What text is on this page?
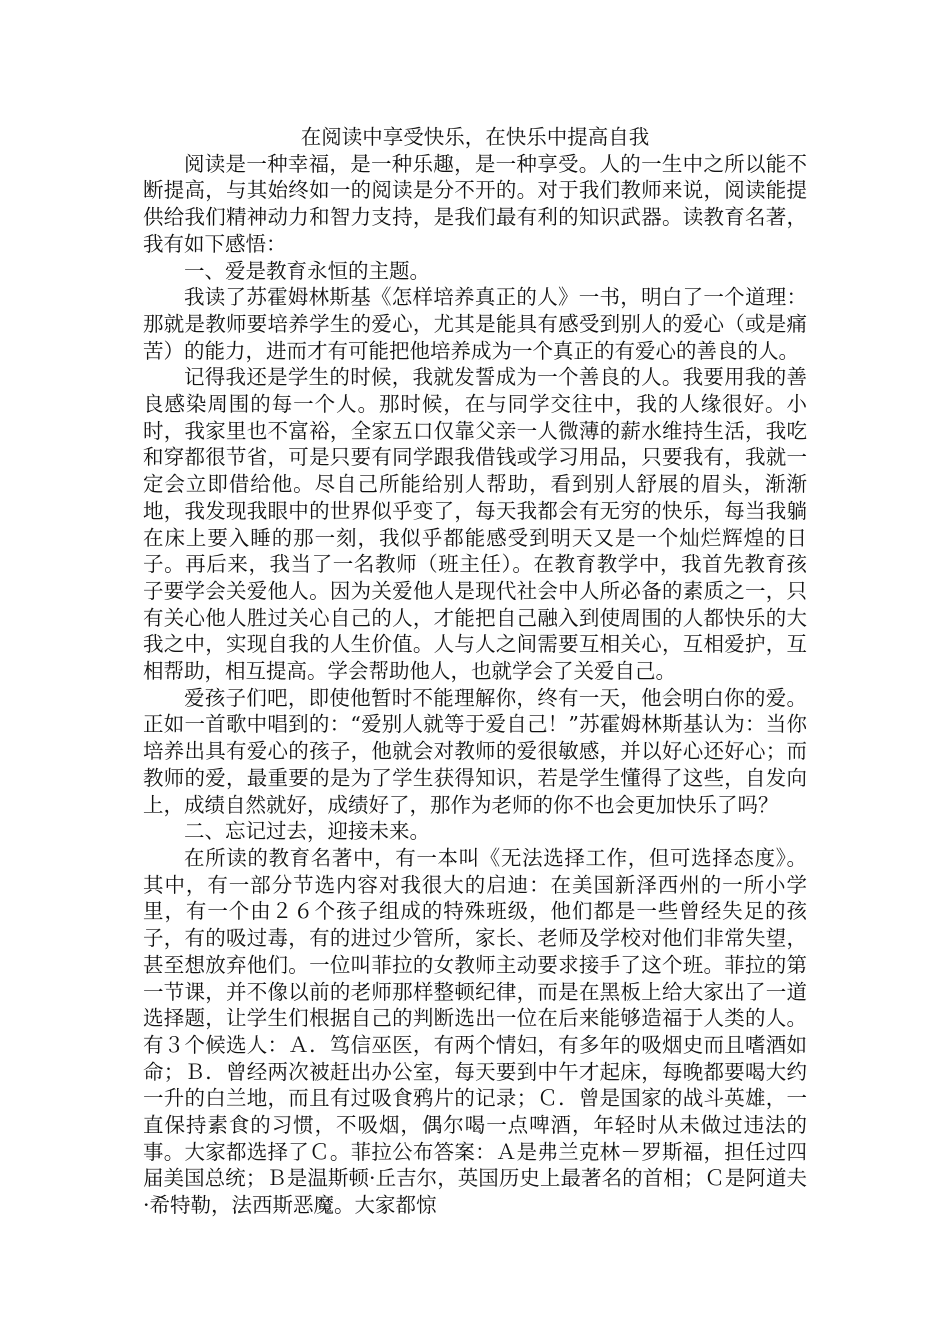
在阅读中享受快乐，在快乐中提高自我

阅读是一种幸福，是一种乐趣，是一种享受。人的一生中之所以能不断提高，与其始终如一的阅读是分不开的。对于我们教师来说，阅读能提供给我们精神动力和智力支持，是我们最有利的知识武器。读教育名著，我有如下感悟：

一、爱是教育永恒的主题。

我读了苏霍姆林斯基《怎样培养真正的人》一书，明白了一个道理：那就是教师要培养学生的爱心，尤其是能具有感受到别人的爱心（或是痛苦）的能力，进而才有可能把他培养成为一个真正的有爱心的善良的人。

记得我还是学生的时候，我就发誓成为一个善良的人。我要用我的善良感染周围的每一个人。那时候，在与同学交往中，我的人缘很好。小时，我家里也不富裕，全家五口仅靠父亲一人微薄的薪水维持生活，我吃和穿都很节省，可是只要有同学跟我借钱或学习用品，只要我有，我就一定会立即借给他。尽自己所能给别人帮助，看到别人舒展的眉头，渐渐地，我发现我眼中的世界似乎变了，每天我都会有无穷的快乐，每当我躺在床上要入睡的那一刻，我似乎都能感受到明天又是一个灿烂辉煌的日子。再后来，我当了一名教师（班主任）。在教育教学中，我首先教育孩子要学会关爱他人。因为关爱他人是现代社会中人所必备的素质之一，只有关心他人胜过关心自己的人，才能把自己融入到使周围的人都快乐的大我之中，实现自我的人生价值。人与人之间需要互相关心，互相爱护，互相帮助，相互提高。学会帮助他人，也就学会了关爱自己。

爱孩子们吧，即使他暂时不能理解你，终有一天，他会明白你的爱。正如一首歌中唱到的：“爱别人就等于爱自己！”苏霍姆林斯基认为：当你培养出具有爱心的孩子，他就会对教师的爱很敏感，并以好心还好心；而教师的爱，最重要的是为了学生获得知识，若是学生懂得了这些，自发向上，成绩自然就好，成绩好了，那作为老师的你不也会更加快乐了吗？

二、忘记过去，迎接未来。

在所读的教育名著中，有一本叫《无法选择工作，但可选择态度》。其中，有一部分节选内容对我很大的启迪：在美国新泽西州的一所小学里，有一个由２６个孩子组成的特殊班级，他们都是一些曾经失足的孩子，有的吸过毒，有的进过少管所，家长、老师及学校对他们非常失望，甚至想放弃他们。一位叫菲拉的女教师主动要求接手了这个班。菲拉的第一节课，并不像以前的老师那样整顿纪律，而是在黑板上给大家出了一道选择题，让学生们根据自己的判断选出一位在后来能够造福于人类的人。有３个候选人：Ａ．笃信巫医，有两个情妇，有多年的吸烟史而且嗜酒如命；Ｂ．曾经两次被赶出办公室，每天要到中午才起床，每晚都要喝大约一升的白兰地，而且有过吸食鸦片的记录；Ｃ．曾是国家的战斗英雄，一直保持素食的习惯，不吸烟，偶尔喝一点啤酒，年轻时从未做过违法的事。大家都选择了Ｃ。菲拉公布答案：Ａ是弗兰克林－罗斯福，担任过四届美国总统；Ｂ是温斯顿·丘吉尔，英国历史上最著名的首相；Ｃ是阿道夫·希特勒，法西斯恶魔。大家都惊
